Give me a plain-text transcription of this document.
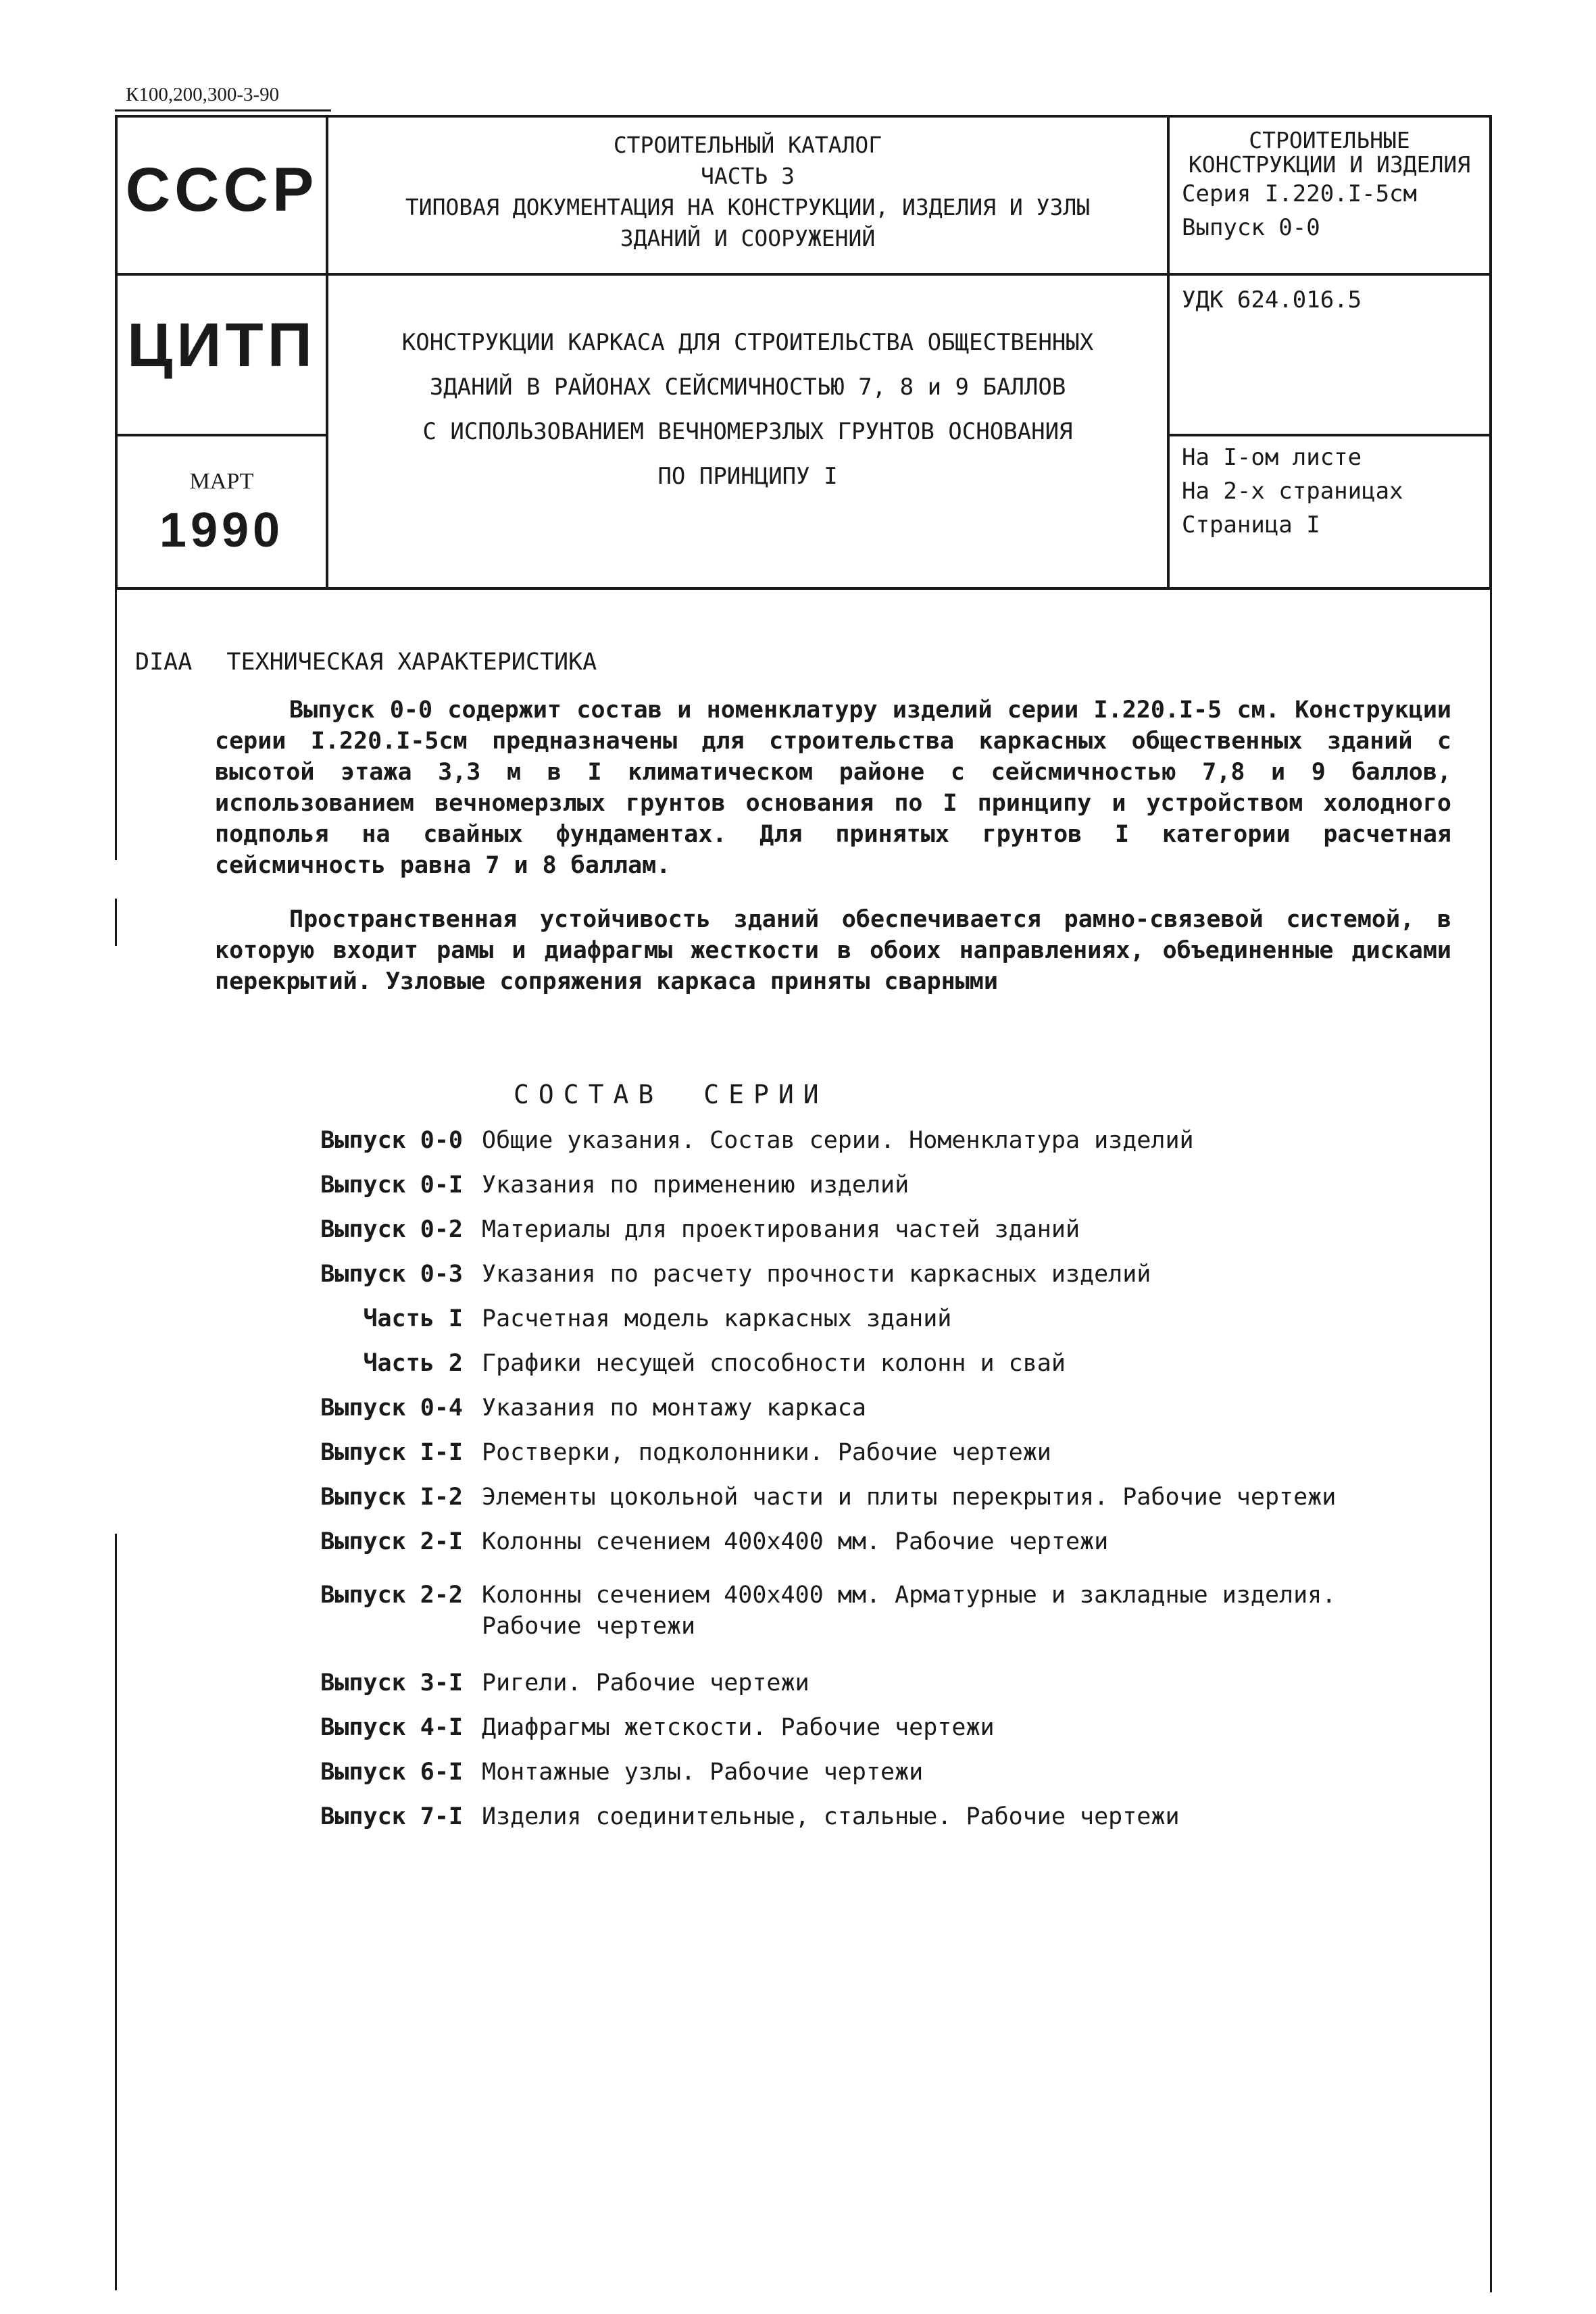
К100,200,300-3-90
СССР
ЦИТП
МАРТ
1990
СТРОИТЕЛЬНЫЙ КАТАЛОГ
ЧАСТЬ 3
ТИПОВАЯ ДОКУМЕНТАЦИЯ НА КОНСТРУКЦИИ, ИЗДЕЛИЯ И УЗЛЫ
ЗДАНИЙ И СООРУЖЕНИЙ
КОНСТРУКЦИИ КАРКАСА ДЛЯ СТРОИТЕЛЬСТВА ОБЩЕСТВЕННЫХ
ЗДАНИЙ В РАЙОНАХ СЕЙСМИЧНОСТЬЮ 7, 8 и 9 БАЛЛОВ
С ИСПОЛЬЗОВАНИЕМ ВЕЧНОМЕРЗЛЫХ ГРУНТОВ ОСНОВАНИЯ
ПО ПРИНЦИПУ I
СТРОИТЕЛЬНЫЕ
КОНСТРУКЦИИ И ИЗДЕЛИЯ
Серия I.220.I-5см
Выпуск 0-0
УДК 624.016.5
На I-ом листе
На 2-х страницах
Страница I
DIAA ТЕХНИЧЕСКАЯ ХАРАКТЕРИСТИКА
Выпуск 0-0 содержит состав и номенклатуру изделий серии I.220.I-5 см. Конструкции серии I.220.I-5см предназначены для строительства каркасных общественных зданий с высотой этажа 3,3 м в I климатическом районе с сейсмичностью 7,8 и 9 баллов, использованием вечномерзлых грунтов основания по I принципу и устройством холодного подполья на свайных фундаментах. Для принятых грунтов I категории расчетная сейсмичность равна 7 и 8 баллам.
Пространственная устойчивость зданий обеспечивается рамно-связевой системой, в которую входит рамы и диафрагмы жесткости в обоих направлениях, объединенные дисками перекрытий. Узловые сопряжения каркаса приняты сварными
СОСТАВ СЕРИИ
Выпуск 0-0 Общие указания. Состав серии. Номенклатура изделий
Выпуск 0-I Указания по применению изделий
Выпуск 0-2 Материалы для проектирования частей зданий
Выпуск 0-3 Указания по расчету прочности каркасных изделий
Часть I Расчетная модель каркасных зданий
Часть 2 Графики несущей способности колонн и свай
Выпуск 0-4 Указания по монтажу каркаса
Выпуск I-I Ростверки, подколонники. Рабочие чертежи
Выпуск I-2 Элементы цокольной части и плиты перекрытия. Рабочие чертежи
Выпуск 2-I Колонны сечением 400х400 мм. Рабочие чертежи
Выпуск 2-2 Колонны сечением 400х400 мм. Арматурные и закладные изделия. Рабочие чертежи
Выпуск 3-I Ригели. Рабочие чертежи
Выпуск 4-I Диафрагмы жетскости. Рабочие чертежи
Выпуск 6-I Монтажные узлы. Рабочие чертежи
Выпуск 7-I Изделия соединительные, стальные. Рабочие чертежи
